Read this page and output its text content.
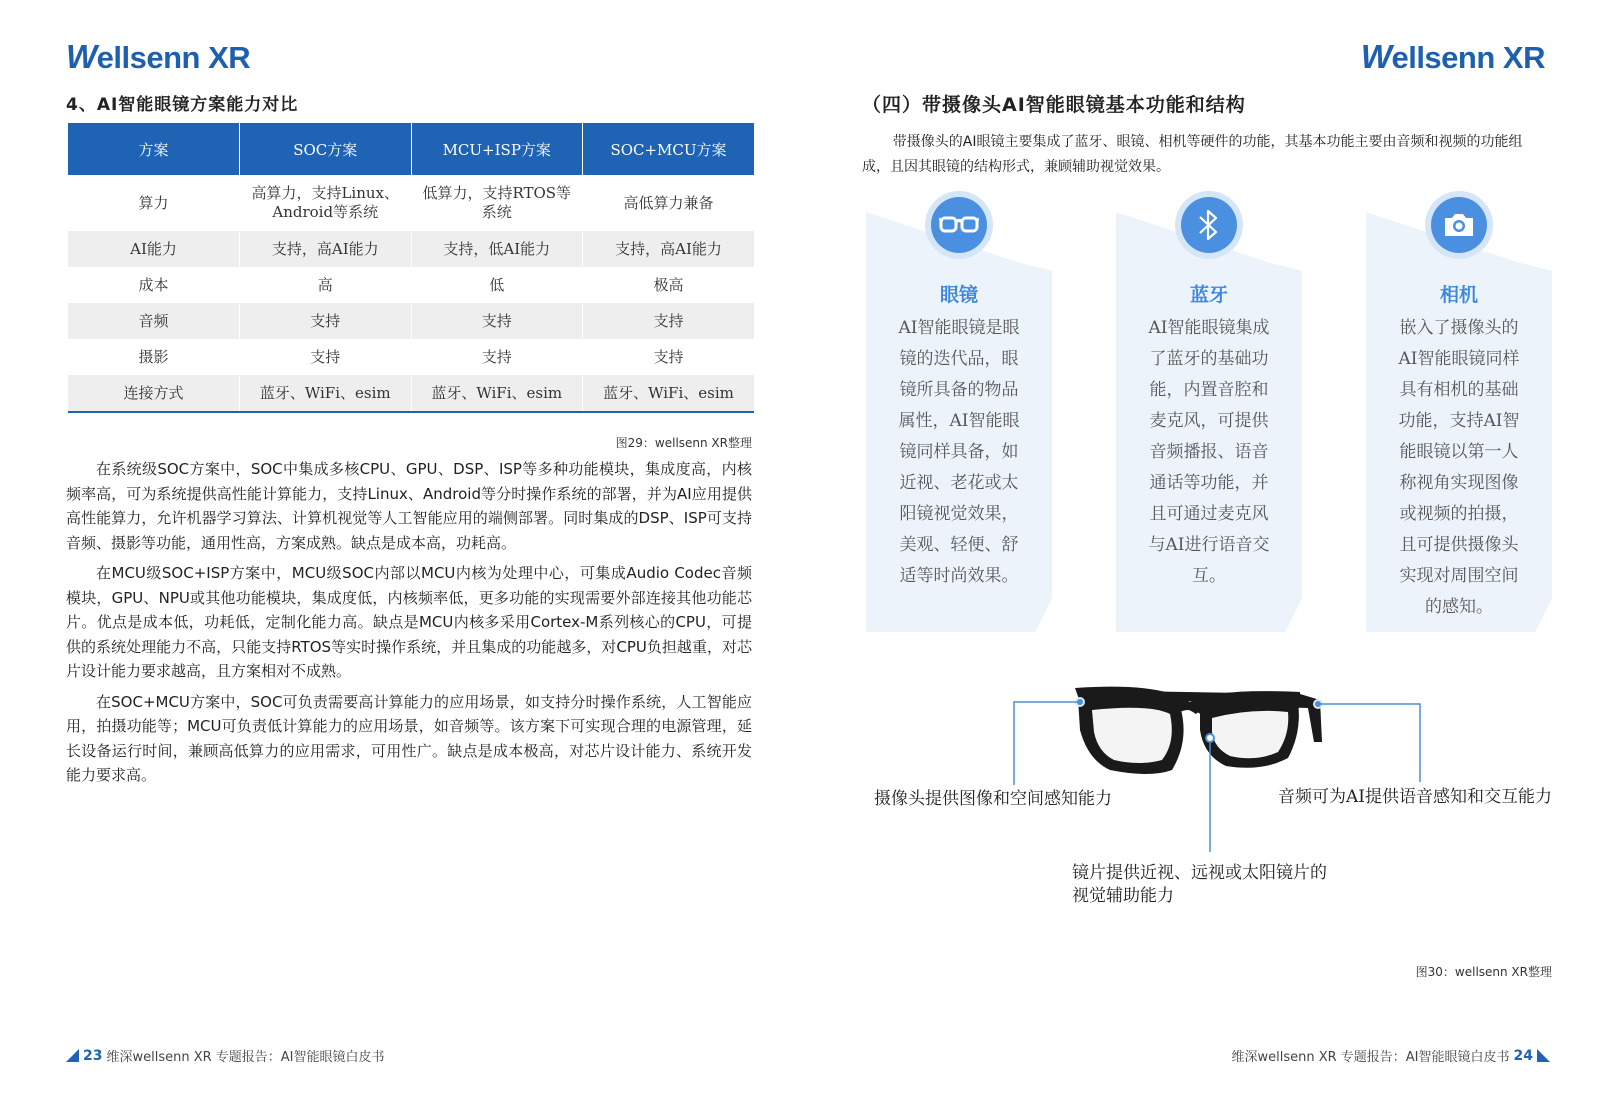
W ellsenn
XR
4、AI智能眼镜方案能力对比
方案	SOC方案	MCU+ISP方案	SOC+MCU方案
算力	高算力，支持Linux、Android等系统	低算力，支持RTOS等系统	高低算力兼备
AI能力	支持，高AI能力	支持，低AI能力	支持，高AI能力
成本	高	低	极高
音频	支持	支持	支持
摄影	支持	支持	支持
连接方式	蓝牙、WiFi、esim	蓝牙、WiFi、esim	蓝牙、WiFi、esim
图29：wellsenn XR整理

在系统级SOC方案中，SOC中集成多核CPU、GPU、DSP、ISP等多种功能模块，集成度高，内核频率高，可为系统提供高性能计算能力，支持Linux、Android等分时操作系统的部署，并为AI应用提供高性能算力，允许机器学习算法、计算机视觉等人工智能应用的端侧部署。同时集成的DSP、ISP可支持音频、摄影等功能，通用性高，方案成熟。缺点是成本高，功耗高。

在MCU级SOC+ISP方案中，MCU级SOC内部以MCU内核为处理中心，可集成Audio Codec音频模块，GPU、NPU或其他功能模块，集成度低，内核频率低，更多功能的实现需要外部连接其他功能芯片。优点是成本低，功耗低，定制化能力高。缺点是MCU内核多采用Cortex-M系列核心的CPU，可提供的系统处理能力不高，只能支持RTOS等实时操作系统，并且集成的功能越多，对CPU负担越重，对芯片设计能力要求越高，且方案相对不成熟。

在SOC+MCU方案中，SOC可负责需要高计算能力的应用场景，如支持分时操作系统，人工智能应用，拍摄功能等；MCU可负责低计算能力的应用场景，如音频等。该方案下可实现合理的电源管理，延长设备运行时间，兼顾高低算力的应用需求，可用性广。缺点是成本极高，对芯片设计能力、系统开发能力要求高。

23 维深wellsenn XR 专题报告：AI智能眼镜白皮书
W ellsenn
XR
（四）带摄像头AI智能眼镜基本功能和结构
带摄像头的AI眼镜主要集成了蓝牙、眼镜、相机等硬件的功能，其基本功能主要由音频和视频的功能组成，且因其眼镜的结构形式，兼顾辅助视觉效果。
眼镜
AI智能眼镜是眼镜的迭代品，眼镜所具备的物品属性，AI智能眼镜同样具备，如近视、老花或太阳镜视觉效果，美观、轻便、舒适等时尚效果。
蓝牙
AI智能眼镜集成了蓝牙的基础功能，内置音腔和麦克风，可提供音频播报、语音通话等功能，并且可通过麦克风与AI进行语音交互。
相机
嵌入了摄像头的AI智能眼镜同样具有相机的基础功能，支持AI智能眼镜以第一人称视角实现图像或视频的拍摄，且可提供摄像头实现对周围空间的感知。
摄像头提供图像和空间感知能力	音频可为AI提供语音感知和交互能力
镜片提供近视、远视或太阳镜片的视觉辅助能力
图30：wellsenn XR整理
维深wellsenn XR 专题报告：AI智能眼镜白皮书 24
